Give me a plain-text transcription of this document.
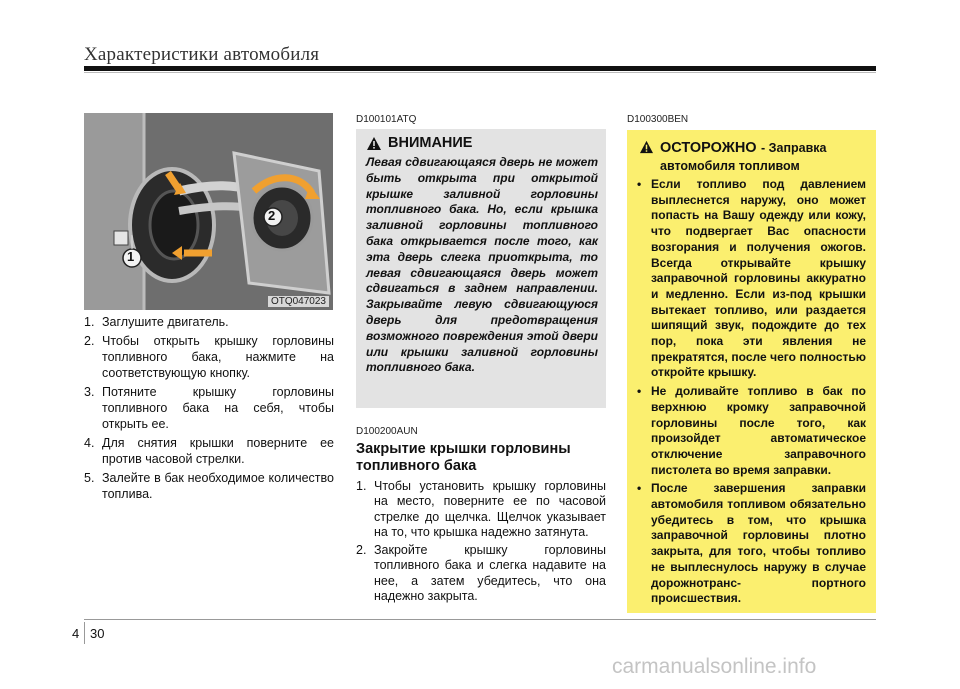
Характеристики автомобиля
1
2
OTQ047023
1. Заглушите двигатель.
2. Чтобы открыть крышку горловины топливного бака, нажмите на соответствующую кнопку.
3. Потяните крышку горловины топливного бака на себя, чтобы открыть ее.
4. Для снятия крышки поверните ее против часовой стрелки.
5. Залейте в бак необходимое количество топлива.
D100101ATQ
ВНИМАНИЕ
Левая сдвигающаяся дверь не может быть открыта при открытой крышке заливной горловины топливного бака. Но, если крышка заливной горловины топливного бака открывается после того, как эта дверь слегка приоткрыта, то левая сдвигающаяся дверь может сдвигаться в заднем направлении. Закрывайте левую сдвигающуюся дверь для предотвращения возможного повреждения этой двери или крышки заливной горловины топливного бака.
D100200AUN
Закрытие крышки горловины топливного бака
1. Чтобы установить крышку горловины на место, поверните ее по часовой стрелке до щелчка. Щелчок указывает на то, что крышка надежно затянута.
2. Закройте крышку горловины топливного бака и слегка надавите на нее, а затем убедитесь, что она надежно закрыта.
D100300BEN
ОСТОРОЖНО - Заправка
автомобиля топливом
• Если топливо под давлением выплеснется наружу, оно может попасть на Вашу одежду или кожу, что подвергает Вас опасности возгорания и получения ожогов. Всегда открывайте крышку заправочной горловины аккуратно и медленно. Если из-под крышки вытекает топливо, или раздается шипящий звук, подождите до тех пор, пока эти явления не прекратятся, после чего полностью откройте крышку.
• Не доливайте топливо в бак по верхнюю кромку заправочной горловины после того, как произойдет автоматическое отключение заправочного пистолета во время заправки.
• После завершения заправки автомобиля топливом обязательно убедитесь в том, что крышка заправочной горловины плотно закрыта, для того, чтобы топливо не выплеснулось наружу в случае дорожнотранс- портного происшествия.
4 30
carmanualsonline.info
